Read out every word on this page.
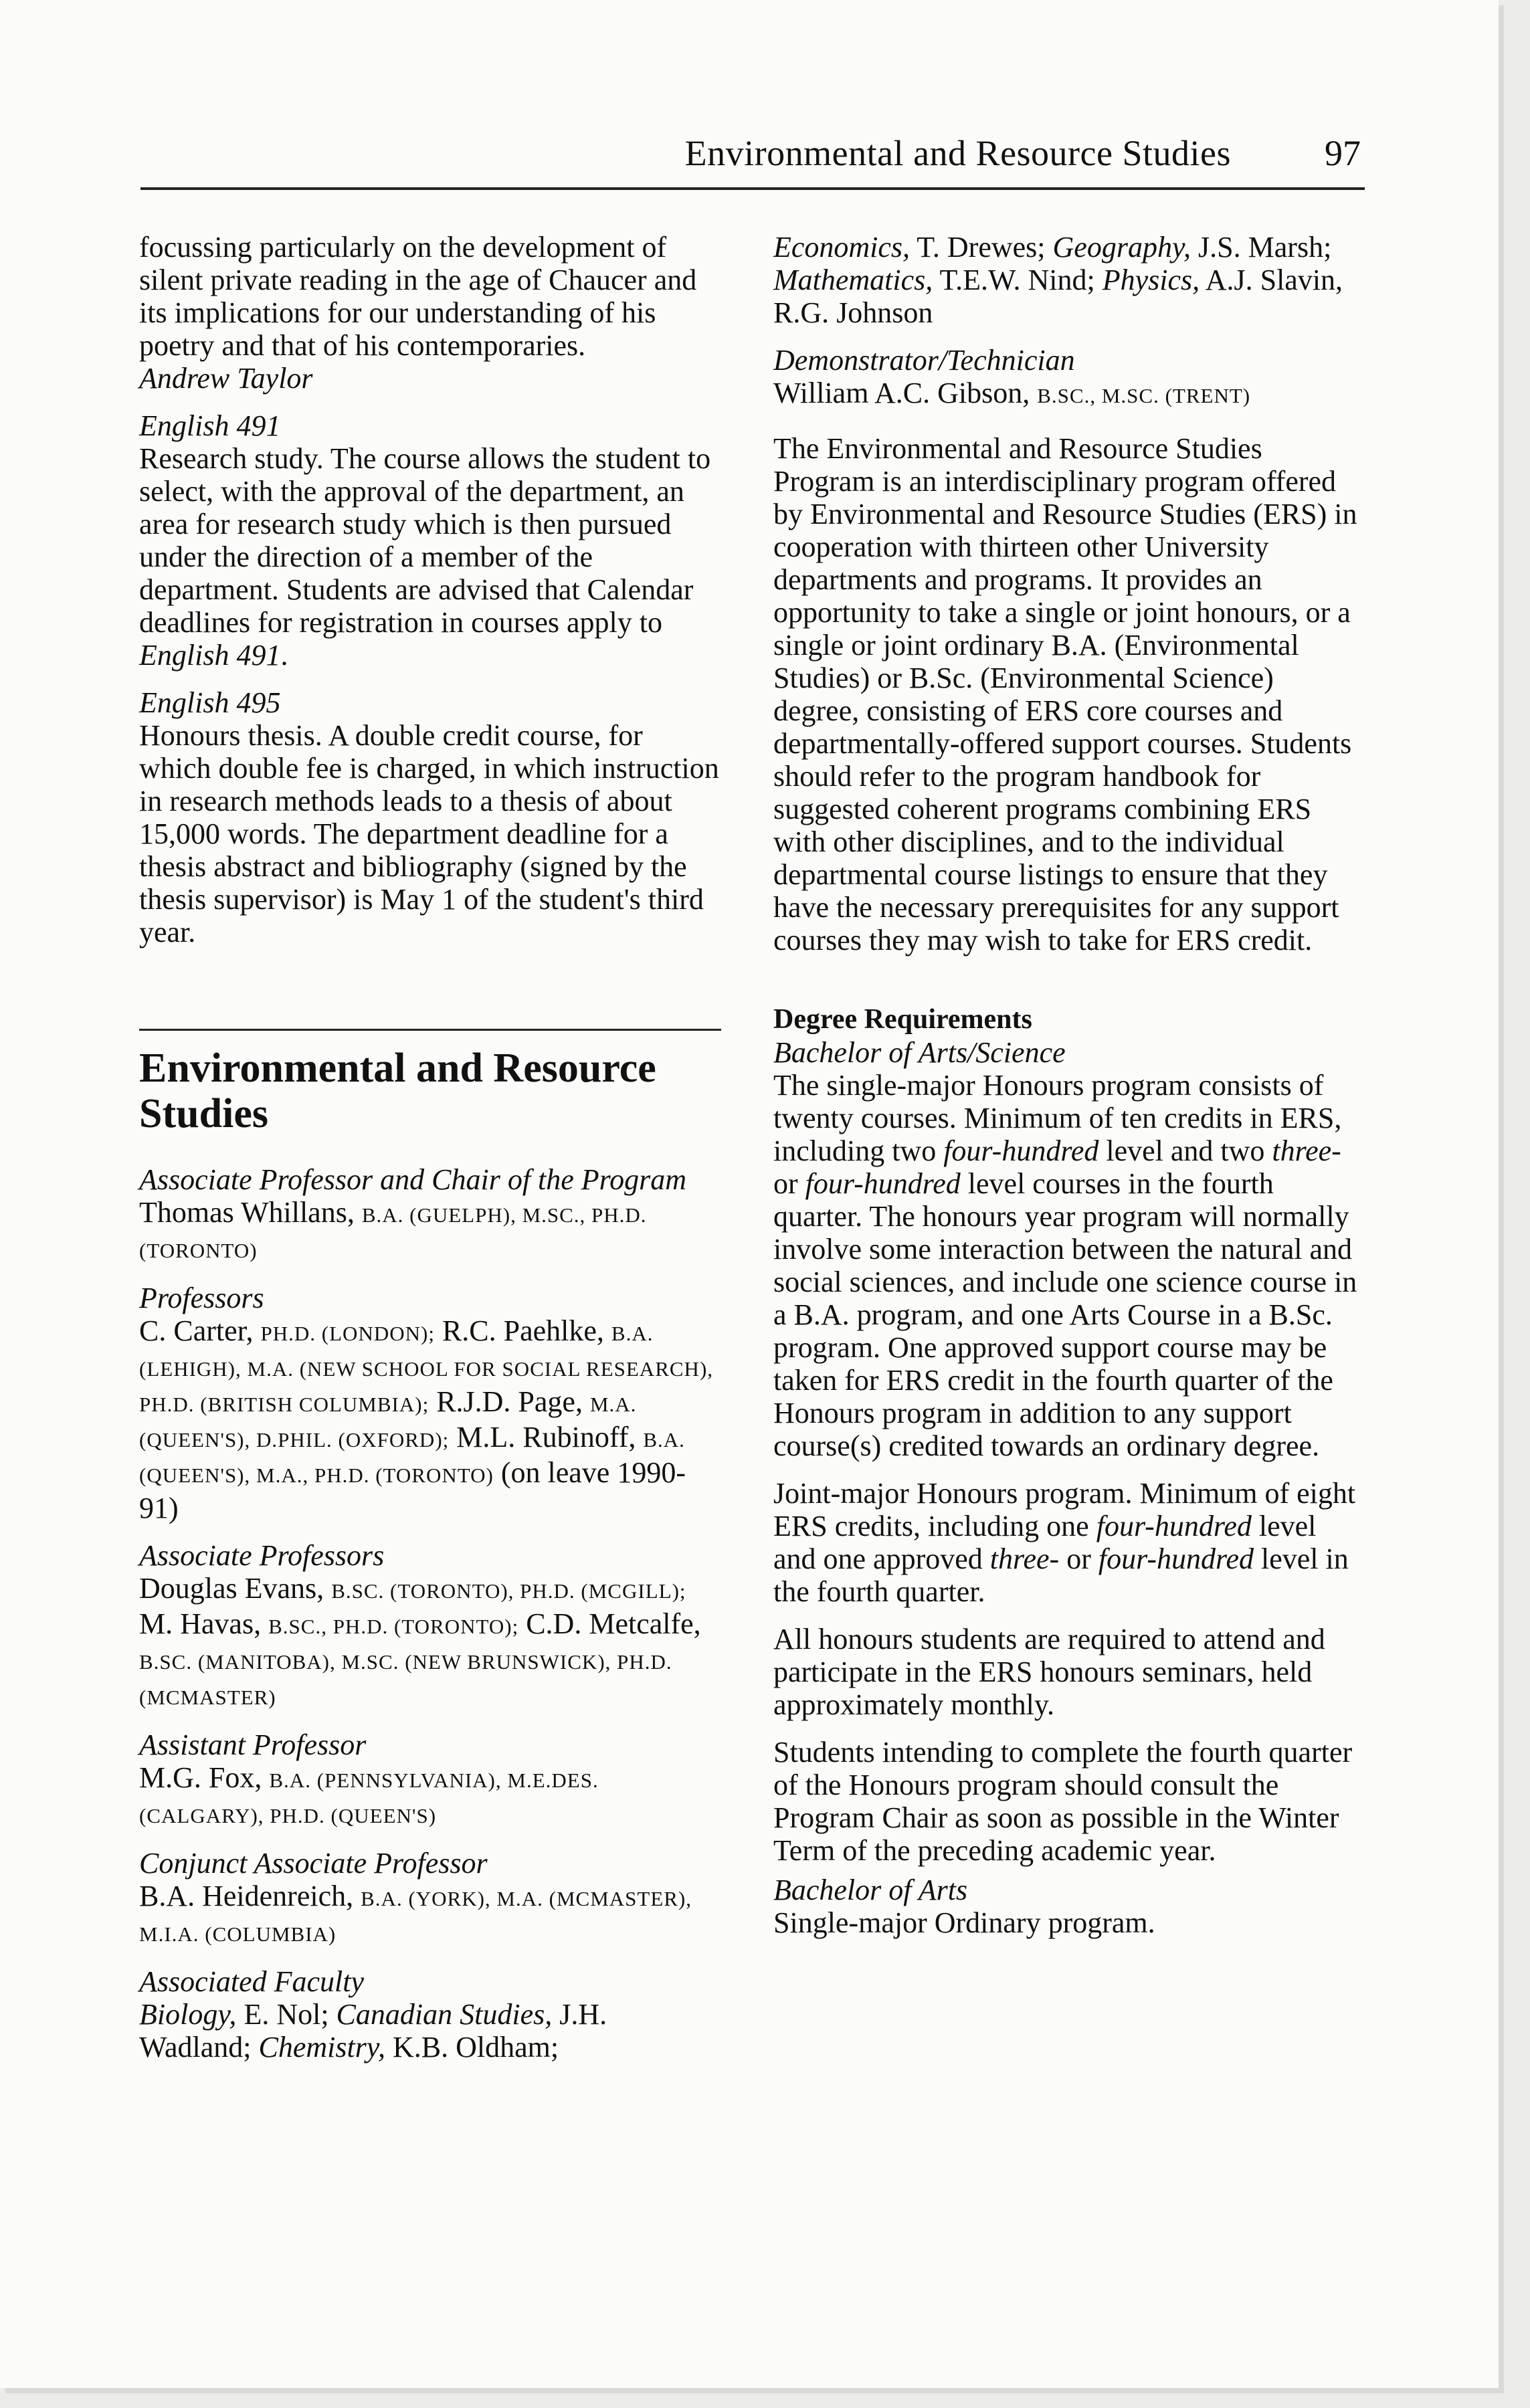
Environmental and Resource Studies	97

focussing particularly on the development of silent private reading in the age of Chaucer and its implications for our understanding of his poetry and that of his contemporaries.
Andrew Taylor

English 491

Research study. The course allows the student to select, with the approval of the department, an area for research study which is then pursued under the direction of a member of the department. Students are advised that Calendar deadlines for registration in courses apply to English 491.

English 495

Honours thesis. A double credit course, for which double fee is charged, in which instruction in research methods leads to a thesis of about 15,000 words. The department deadline for a thesis abstract and bibliography (signed by the thesis supervisor) is May 1 of the student's third year.

Environmental and Resource Studies

Associate Professor and Chair of the Program
Thomas Whillans, B.A. (GUELPH), M.SC., PH.D. (TORONTO)

Professors
C. Carter, PH.D. (LONDON); R.C. Paehlke, B.A. (LEHIGH), M.A. (NEW SCHOOL FOR SOCIAL RESEARCH), PH.D. (BRITISH COLUMBIA); R.J.D. Page, M.A. (QUEEN'S), D.PHIL. (OXFORD); M.L. Rubinoff, B.A. (QUEEN'S), M.A., PH.D. (TORONTO) (on leave 1990-91)

Associate Professors
Douglas Evans, B.SC. (TORONTO), PH.D. (MCGILL); M. Havas, B.SC., PH.D. (TORONTO); C.D. Metcalfe, B.SC. (MANITOBA), M.SC. (NEW BRUNSWICK), PH.D. (MCMASTER)

Assistant Professor
M.G. Fox, B.A. (PENNSYLVANIA), M.E.DES. (CALGARY), PH.D. (QUEEN'S)

Conjunct Associate Professor
B.A. Heidenreich, B.A. (YORK), M.A. (MCMASTER), M.I.A. (COLUMBIA)

Associated Faculty
Biology, E. Nol; Canadian Studies, J.H. Wadland; Chemistry, K.B. Oldham;

Economics, T. Drewes; Geography, J.S. Marsh; Mathematics, T.E.W. Nind; Physics, A.J. Slavin, R.G. Johnson

Demonstrator/Technician
William A.C. Gibson, B.SC., M.SC. (TRENT)

The Environmental and Resource Studies Program is an interdisciplinary program offered by Environmental and Resource Studies (ERS) in cooperation with thirteen other University departments and programs. It provides an opportunity to take a single or joint honours, or a single or joint ordinary B.A. (Environmental Studies) or B.Sc. (Environmental Science) degree, consisting of ERS core courses and departmentally-offered support courses. Students should refer to the program handbook for suggested coherent programs combining ERS with other disciplines, and to the individual departmental course listings to ensure that they have the necessary prerequisites for any support courses they may wish to take for ERS credit.

Degree Requirements

Bachelor of Arts/Science

The single-major Honours program consists of twenty courses. Minimum of ten credits in ERS, including two four-hundred level and two three- or four-hundred level courses in the fourth quarter. The honours year program will normally involve some interaction between the natural and social sciences, and include one science course in a B.A. program, and one Arts Course in a B.Sc. program. One approved support course may be taken for ERS credit in the fourth quarter of the Honours program in addition to any support course(s) credited towards an ordinary degree.

Joint-major Honours program. Minimum of eight ERS credits, including one four-hundred level and one approved three- or four-hundred level in the fourth quarter.

All honours students are required to attend and participate in the ERS honours seminars, held approximately monthly.

Students intending to complete the fourth quarter of the Honours program should consult the Program Chair as soon as possible in the Winter Term of the preceding academic year.

Bachelor of Arts

Single-major Ordinary program.
